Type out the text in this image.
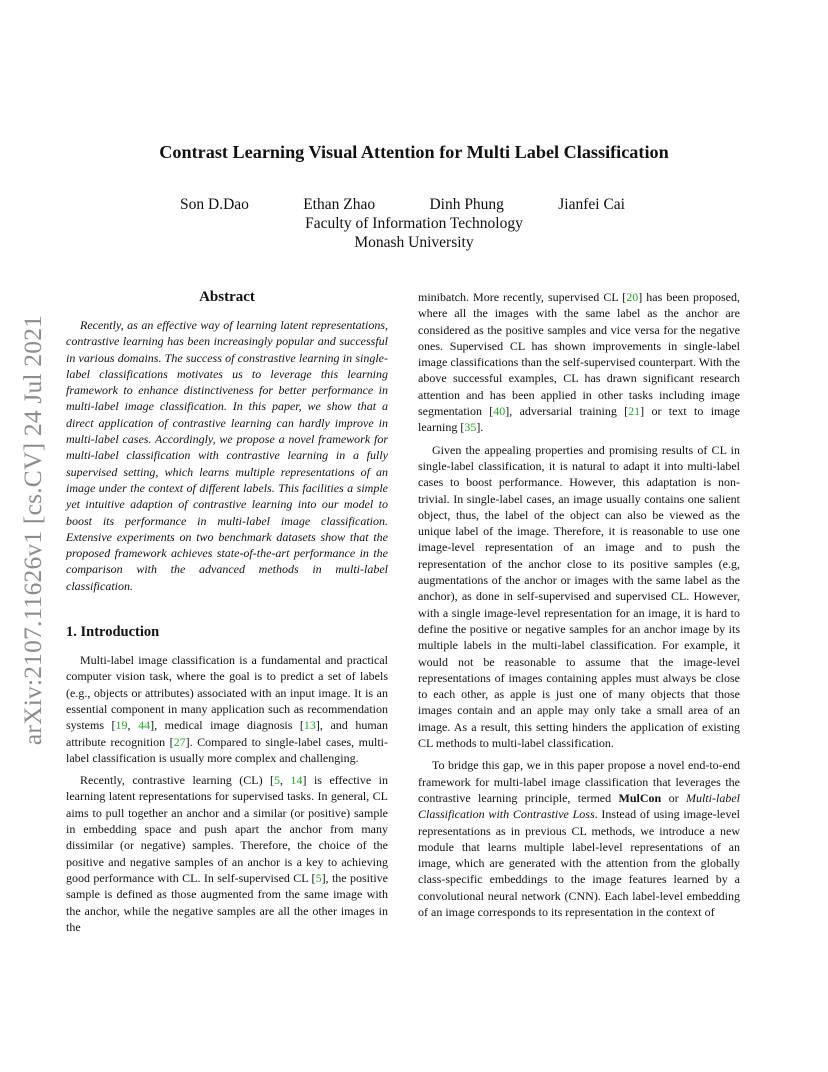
arXiv:2107.11626v1 [cs.CV] 24 Jul 2021
Contrast Learning Visual Attention for Multi Label Classification
Son D.Dao	Ethan Zhao	Dinh Phung	Jianfei Cai
Faculty of Information Technology
Monash University
Abstract

Recently, as an effective way of learning latent representations, contrastive learning has been increasingly popular and successful in various domains. The success of constrastive learning in single-label classifications motivates us to leverage this learning framework to enhance distinctiveness for better performance in multi-label image classification. In this paper, we show that a direct application of contrastive learning can hardly improve in multi-label cases. Accordingly, we propose a novel framework for multi-label classification with contrastive learning in a fully supervised setting, which learns multiple representations of an image under the context of different labels. This facilities a simple yet intuitive adaption of contrastive learning into our model to boost its performance in multi-label image classification. Extensive experiments on two benchmark datasets show that the proposed framework achieves state-of-the-art performance in the comparison with the advanced methods in multi-label classification.

1. Introduction

Multi-label image classification is a fundamental and practical computer vision task, where the goal is to predict a set of labels (e.g., objects or attributes) associated with an input image. It is an essential component in many application such as recommendation systems [19, 44], medical image diagnosis [13], and human attribute recognition [27]. Compared to single-label cases, multi-label classification is usually more complex and challenging.

Recently, contrastive learning (CL) [5, 14] is effective in learning latent representations for supervised tasks. In general, CL aims to pull together an anchor and a similar (or positive) sample in embedding space and push apart the anchor from many dissimilar (or negative) samples. Therefore, the choice of the positive and negative samples of an anchor is a key to achieving good performance with CL. In self-supervised CL [5], the positive sample is defined as those augmented from the same image with the anchor, while the negative samples are all the other images in the

minibatch. More recently, supervised CL [20] has been proposed, where all the images with the same label as the anchor are considered as the positive samples and vice versa for the negative ones. Supervised CL has shown improvements in single-label image classifications than the self-supervised counterpart. With the above successful examples, CL has drawn significant research attention and has been applied in other tasks including image segmentation [40], adversarial training [21] or text to image learning [35].

Given the appealing properties and promising results of CL in single-label classification, it is natural to adapt it into multi-label cases to boost performance. However, this adaptation is non-trivial. In single-label cases, an image usually contains one salient object, thus, the label of the object can also be viewed as the unique label of the image. Therefore, it is reasonable to use one image-level representation of an image and to push the representation of the anchor close to its positive samples (e.g, augmentations of the anchor or images with the same label as the anchor), as done in self-supervised and supervised CL. However, with a single image-level representation for an image, it is hard to define the positive or negative samples for an anchor image by its multiple labels in the multi-label classification. For example, it would not be reasonable to assume that the image-level representations of images containing apples must always be close to each other, as apple is just one of many objects that those images contain and an apple may only take a small area of an image. As a result, this setting hinders the application of existing CL methods to multi-label classification.

To bridge this gap, we in this paper propose a novel end-to-end framework for multi-label image classification that leverages the contrastive learning principle, termed MulCon or Multi-label Classification with Contrastive Loss. Instead of using image-level representations as in previous CL methods, we introduce a new module that learns multiple label-level representations of an image, which are generated with the attention from the globally class-specific embeddings to the image features learned by a convolutional neural network (CNN). Each label-level embedding of an image corresponds to its representation in the context of
